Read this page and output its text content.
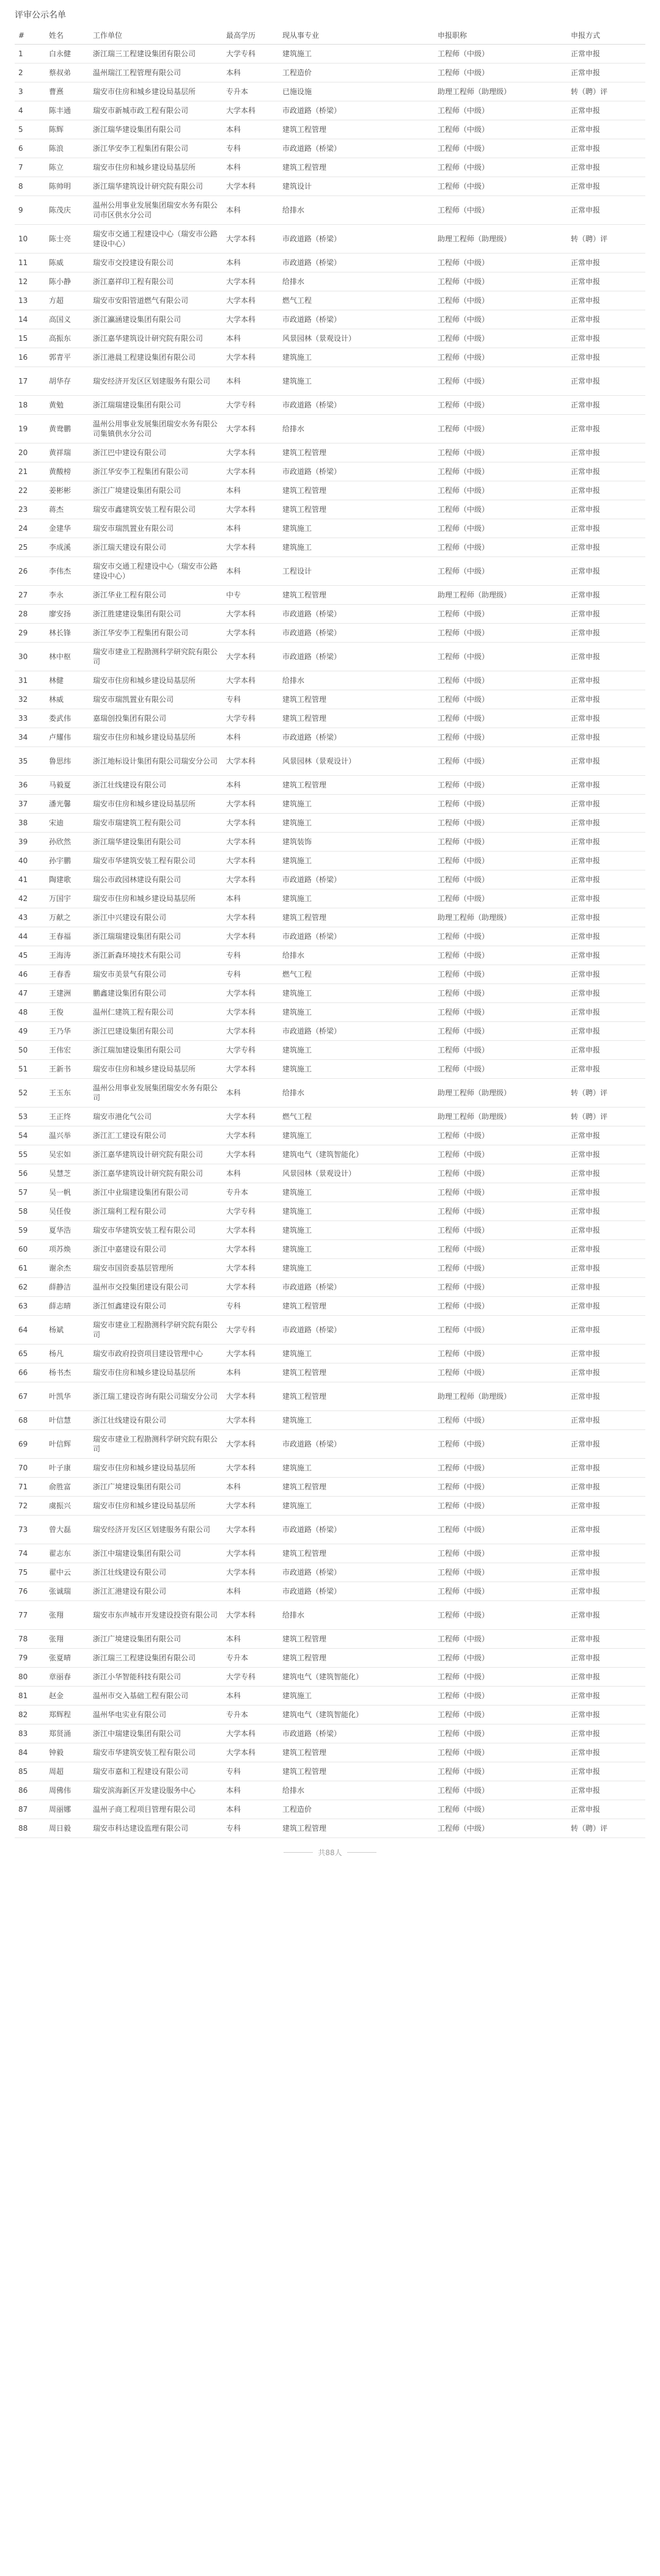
评审公示名单
#	姓名	工作单位	最高学历	现从事专业	申报职称	申报方式
1	白永健	浙江瑞三工程建设集团有限公司	大学专科	建筑施工	工程师（中级）	正常申报
2	蔡叔弟	温州瑞江工程管理有限公司	本科	工程造价	工程师（中级）	正常申报
3	曹熹	瑞安市住房和城乡建设局基层所	专升本	已施设施	助理工程师（助理级）	转（聘）评
4	陈丰通	瑞安市新城市政工程有限公司	大学本科	市政道路（桥梁）	工程师（中级）	正常申报
5	陈辉	浙江瑞华建设集团有限公司	本科	建筑工程管理	工程师（中级）	正常申报
6	陈浪	浙江华安李工程集团有限公司	专科	市政道路（桥梁）	工程师（中级）	正常申报
7	陈立	瑞安市住房和城乡建设局基层所	本科	建筑工程管理	工程师（中级）	正常申报
8	陈帅明	浙江瑞华建筑设计研究院有限公司	大学本科	建筑设计	工程师（中级）	正常申报
9	陈茂庆	温州公用事业发展集团瑞安水务有限公司市区供水分公司	本科	给排水	工程师（中级）	正常申报
10	陈士亮	瑞安市交通工程建设中心（瑞安市公路建设中心）	大学本科	市政道路（桥梁）	助理工程师（助理级）	转（聘）评
11	陈威	瑞安市交投建设有限公司	本科	市政道路（桥梁）	工程师（中级）	正常申报
12	陈小静	浙江嘉祥印工程有限公司	大学本科	给排水	工程师（中级）	正常申报
13	方超	瑞安市安阳管道燃气有限公司	大学本科	燃气工程	工程师（中级）	正常申报
14	高国义	浙江瀛涵建设集团有限公司	大学本科	市政道路（桥梁）	工程师（中级）	正常申报
15	高振东	浙江嘉华建筑设计研究院有限公司	本科	风景园林（景观设计）	工程师（中级）	正常申报
16	郭青平	浙江港晨工程建设集团有限公司	大学本科	建筑施工	工程师（中级）	正常申报
17	胡华存	瑞安经济开发区区划建服务有限公司	本科	建筑施工	工程师（中级）	正常申报
18	黄勉	浙江瑞瑞建设集团有限公司	大学专科	市政道路（桥梁）	工程师（中级）	正常申报
19	黄鸯鹏	温州公用事业发展集团瑞安水务有限公司集镇供水分公司	大学本科	给排水	工程师（中级）	正常申报
20	黄祥瑞	浙江巴中建设有限公司	大学本科	建筑工程管理	工程师（中级）	正常申报
21	黄酸榜	浙江华安李工程集团有限公司	大学本科	市政道路（桥梁）	工程师（中级）	正常申报
22	姜彬彬	浙江广境建设集团有限公司	本科	建筑工程管理	工程师（中级）	正常申报
23	蒋杰	瑞安市鑫建筑安装工程有限公司	大学本科	建筑工程管理	工程师（中级）	正常申报
24	金建华	瑞安市瑞凯置业有限公司	本科	建筑施工	工程师（中级）	正常申报
25	李成溪	浙江瑞天建设有限公司	大学本科	建筑施工	工程师（中级）	正常申报
26	李伟杰	瑞安市交通工程建设中心（瑞安市公路建设中心）	本科	工程设计	工程师（中级）	正常申报
27	李永	浙江华业工程有限公司	中专	建筑工程管理	助理工程师（助理级）	正常申报
28	廖安扬	浙江胜建建设集团有限公司	大学本科	市政道路（桥梁）	工程师（中级）	正常申报
29	林长锋	浙江华安李工程集团有限公司	大学本科	市政道路（桥梁）	工程师（中级）	正常申报
30	林中枢	瑞安市建业工程勘测科学研究院有限公司	大学本科	市政道路（桥梁）	工程师（中级）	正常申报
31	林健	瑞安市住房和城乡建设局基层所	大学本科	给排水	工程师（中级）	正常申报
32	林威	瑞安市瑞凯置业有限公司	专科	建筑工程管理	工程师（中级）	正常申报
33	娄武伟	嘉瑞创投集团有限公司	大学专科	建筑工程管理	工程师（中级）	正常申报
34	卢耀伟	瑞安市住房和城乡建设局基层所	本科	市政道路（桥梁）	工程师（中级）	正常申报
35	鲁思纬	浙江地标设计集团有限公司瑞安分公司	大学本科	风景园林（景观设计）	工程师（中级）	正常申报
36	马毅夏	浙江壮线建设有限公司	本科	建筑工程管理	工程师（中级）	正常申报
37	潘光馨	瑞安市住房和城乡建设局基层所	大学本科	建筑施工	工程师（中级）	正常申报
38	宋迪	瑞安市瑞建筑工程有限公司	大学本科	建筑施工	工程师（中级）	正常申报
39	孙欣然	浙江瑞华建设集团有限公司	大学本科	建筑装饰	工程师（中级）	正常申报
40	孙宇鹏	瑞安市华建筑安装工程有限公司	大学本科	建筑施工	工程师（中级）	正常申报
41	陶建歌	瑞公市政园林建设有限公司	大学本科	市政道路（桥梁）	工程师（中级）	正常申报
42	万国宇	瑞安市住房和城乡建设局基层所	本科	建筑施工	工程师（中级）	正常申报
43	万献之	浙江中兴建设有限公司	大学本科	建筑工程管理	助理工程师（助理级）	正常申报
44	王春福	浙江瑞瑞建设集团有限公司	大学本科	市政道路（桥梁）	工程师（中级）	正常申报
45	王海涛	浙江新森环境技术有限公司	专科	给排水	工程师（中级）	正常申报
46	王春香	瑞安市美景气有限公司	专科	燃气工程	工程师（中级）	正常申报
47	王建洲	鹏鑫建设集团有限公司	大学本科	建筑施工	工程师（中级）	正常申报
48	王俊	温州仁建筑工程有限公司	大学本科	建筑施工	工程师（中级）	正常申报
49	王乃华	浙江巴建设集团有限公司	大学本科	市政道路（桥梁）	工程师（中级）	正常申报
50	王伟宏	浙江瑞加建设集团有限公司	大学专科	建筑施工	工程师（中级）	正常申报
51	王新书	瑞安市住房和城乡建设局基层所	大学本科	建筑施工	工程师（中级）	正常申报
52	王玉东	温州公用事业发展集团瑞安水务有限公司	本科	给排水	助理工程师（助理级）	转（聘）评
53	王正终	瑞安市港化气公司	大学本科	燃气工程	助理工程师（助理级）	转（聘）评
54	温兴举	浙江汇工建设有限公司	大学本科	建筑施工	工程师（中级）	正常申报
55	吴宏如	浙江嘉华建筑设计研究院有限公司	大学本科	建筑电气（建筑智能化）	工程师（中级）	正常申报
56	吴慧芝	浙江嘉华建筑设计研究院有限公司	本科	风景园林（景观设计）	工程师（中级）	正常申报
57	吴一帆	浙江中业瑞建设集团有限公司	专升本	建筑施工	工程师（中级）	正常申报
58	吴任俊	浙江瑞利工程有限公司	大学专科	建筑施工	工程师（中级）	正常申报
59	夏华浩	瑞安市华建筑安装工程有限公司	大学本科	建筑施工	工程师（中级）	正常申报
60	项苏焕	浙江中嘉建设有限公司	大学本科	建筑施工	工程师（中级）	正常申报
61	谢余杰	瑞安市国资委基层管理所	大学本科	建筑施工	工程师（中级）	正常申报
62	薛静洁	温州市交投集团建设有限公司	大学本科	市政道路（桥梁）	工程师（中级）	正常申报
63	薛志晴	浙江恒鑫建设有限公司	专科	建筑工程管理	工程师（中级）	正常申报
64	杨斌	瑞安市建业工程勘测科学研究院有限公司	大学专科	市政道路（桥梁）	工程师（中级）	正常申报
65	杨凡	瑞安市政府投资项目建设管理中心	大学本科	建筑施工	工程师（中级）	正常申报
66	杨书杰	瑞安市住房和城乡建设局基层所	本科	建筑工程管理	工程师（中级）	正常申报
67	叶凯华	浙江瑞工建设咨询有限公司瑞安分公司	大学本科	建筑工程管理	助理工程师（助理级）	正常申报
68	叶信慧	浙江壮线建设有限公司	大学本科	建筑施工	工程师（中级）	正常申报
69	叶信辉	瑞安市建业工程勘测科学研究院有限公司	大学本科	市政道路（桥梁）	工程师（中级）	正常申报
70	叶子康	瑞安市住房和城乡建设局基层所	大学本科	建筑施工	工程师（中级）	正常申报
71	俞胜富	浙江广境建设集团有限公司	本科	建筑工程管理	工程师（中级）	正常申报
72	虞振兴	瑞安市住房和城乡建设局基层所	大学本科	建筑施工	工程师（中级）	正常申报
73	曾大磊	瑞安经济开发区区划建服务有限公司	大学本科	市政道路（桥梁）	工程师（中级）	正常申报
74	翟志东	浙江中瑞建设集团有限公司	大学本科	建筑工程管理	工程师（中级）	正常申报
75	翟中云	浙江壮线建设有限公司	大学本科	市政道路（桥梁）	工程师（中级）	正常申报
76	张诚瑞	浙江汇港建设有限公司	本科	市政道路（桥梁）	工程师（中级）	正常申报
77	张翔	瑞安市东声城市开发建设投资有限公司	大学本科	给排水	工程师（中级）	正常申报
78	张翔	浙江广境建设集团有限公司	本科	建筑工程管理	工程师（中级）	正常申报
79	张夏晴	浙江瑞三工程建设集团有限公司	专升本	建筑工程管理	工程师（中级）	正常申报
80	章丽春	浙江小华智能科技有限公司	大学专科	建筑电气（建筑智能化）	工程师（中级）	正常申报
81	赵金	温州市交入基础工程有限公司	本科	建筑施工	工程师（中级）	正常申报
82	郑辉程	温州华电实业有限公司	专升本	建筑电气（建筑智能化）	工程师（中级）	正常申报
83	郑贤涌	浙江中瑞建设集团有限公司	大学本科	市政道路（桥梁）	工程师（中级）	正常申报
84	钟毅	瑞安市华建筑安装工程有限公司	大学本科	建筑工程管理	工程师（中级）	正常申报
85	周超	瑞安市嘉和工程建设有限公司	专科	建筑工程管理	工程师（中级）	正常申报
86	周佛伟	瑞安滨海新区开发建设服务中心	本科	给排水	工程师（中级）	正常申报
87	周丽娜	温州子商工程项目管理有限公司	本科	工程造价	工程师（中级）	正常申报
88	周日毅	瑞安市科达建设监理有限公司	专科	建筑工程管理	工程师（中级）	转（聘）评
共88人
